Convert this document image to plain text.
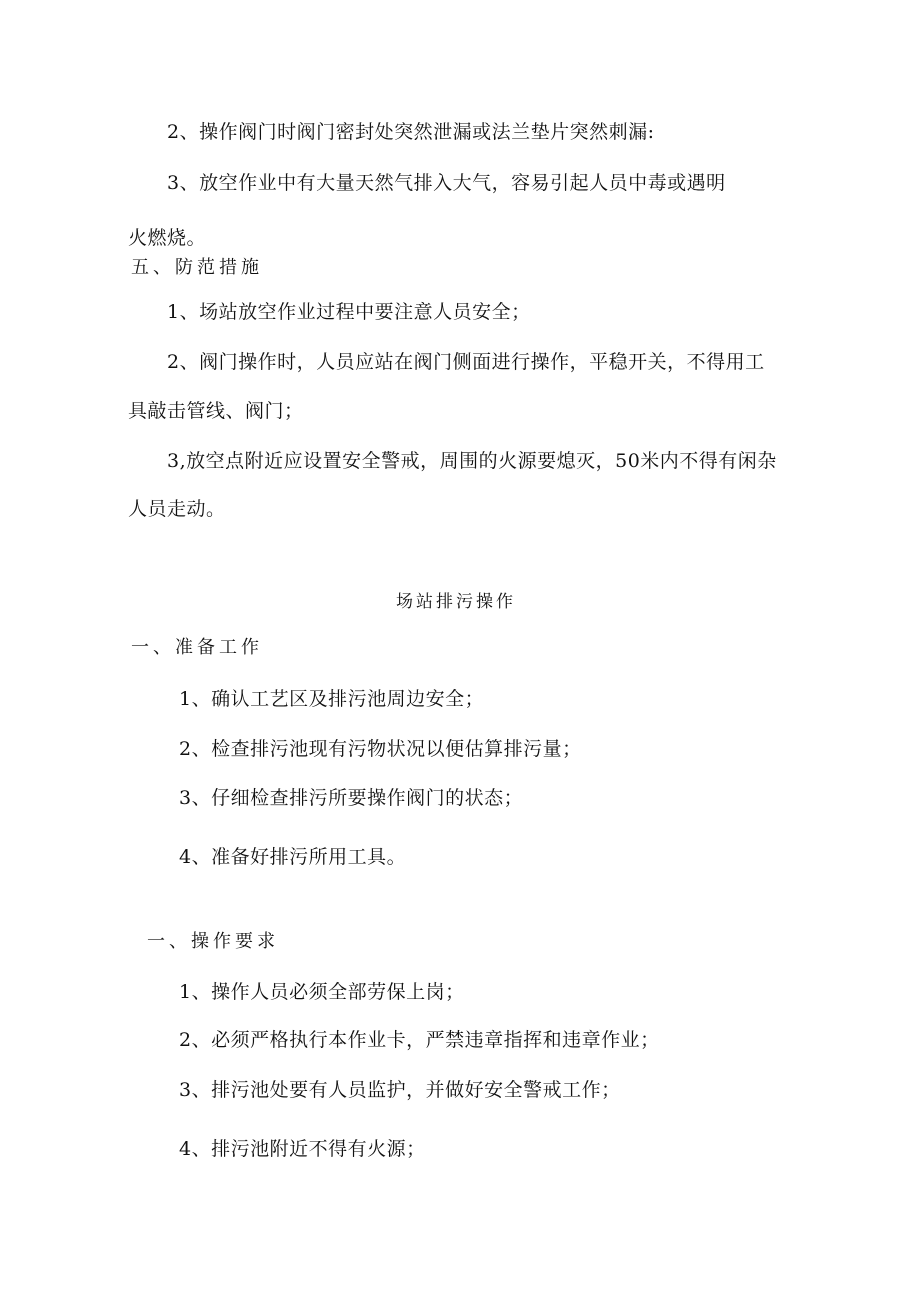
2、操作阀门时阀门密封处突然泄漏或法兰垫片突然刺漏:
3、放空作业中有大量天然气排入大气，容易引起人员中毒或遇明
火燃烧。
五、防范措施
1、场站放空作业过程中要注意人员安全；
2、阀门操作时，人员应站在阀门侧面进行操作，平稳开关，不得用工
具敲击管线、阀门；
3,放空点附近应设置安全警戒，周围的火源要熄灭，50米内不得有闲杂
人员走动。
场站排污操作
一、准备工作
1、确认工艺区及排污池周边安全；
2、检查排污池现有污物状况以便估算排污量；
3、仔细检查排污所要操作阀门的状态；
4、准备好排污所用工具。
一、操作要求
1、操作人员必须全部劳保上岗；
2、必须严格执行本作业卡，严禁违章指挥和违章作业；
3、排污池处要有人员监护，并做好安全警戒工作；
4、排污池附近不得有火源；
